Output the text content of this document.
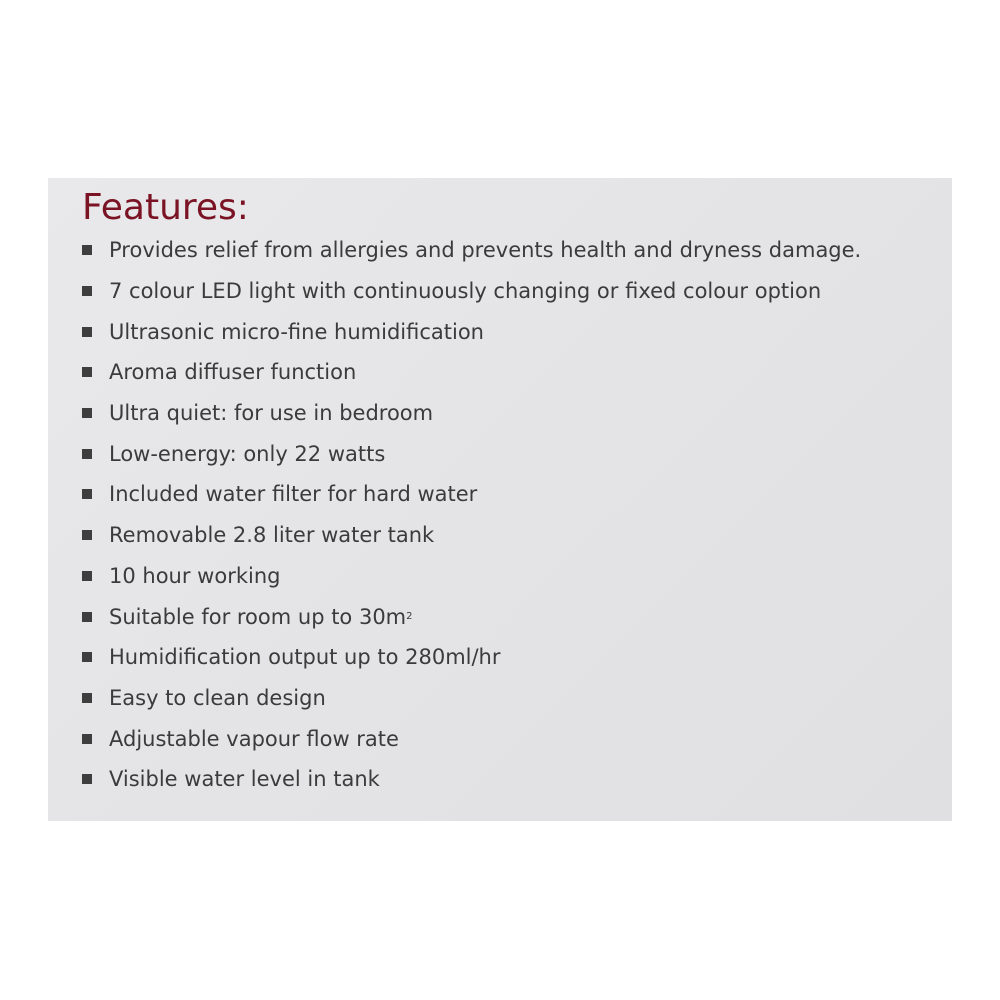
Features:
Provides relief from allergies and prevents health and dryness damage.
7 colour LED light with continuously changing or fixed colour option
Ultrasonic micro-fine humidification
Aroma diffuser function
Ultra quiet: for use in bedroom
Low-energy: only 22 watts
Included water filter for hard water
Removable 2.8 liter water tank
10 hour working
Suitable for room up to 30m 2
Humidification output up to 280ml/hr
Easy to clean design
Adjustable vapour flow rate
Visible water level in tank
